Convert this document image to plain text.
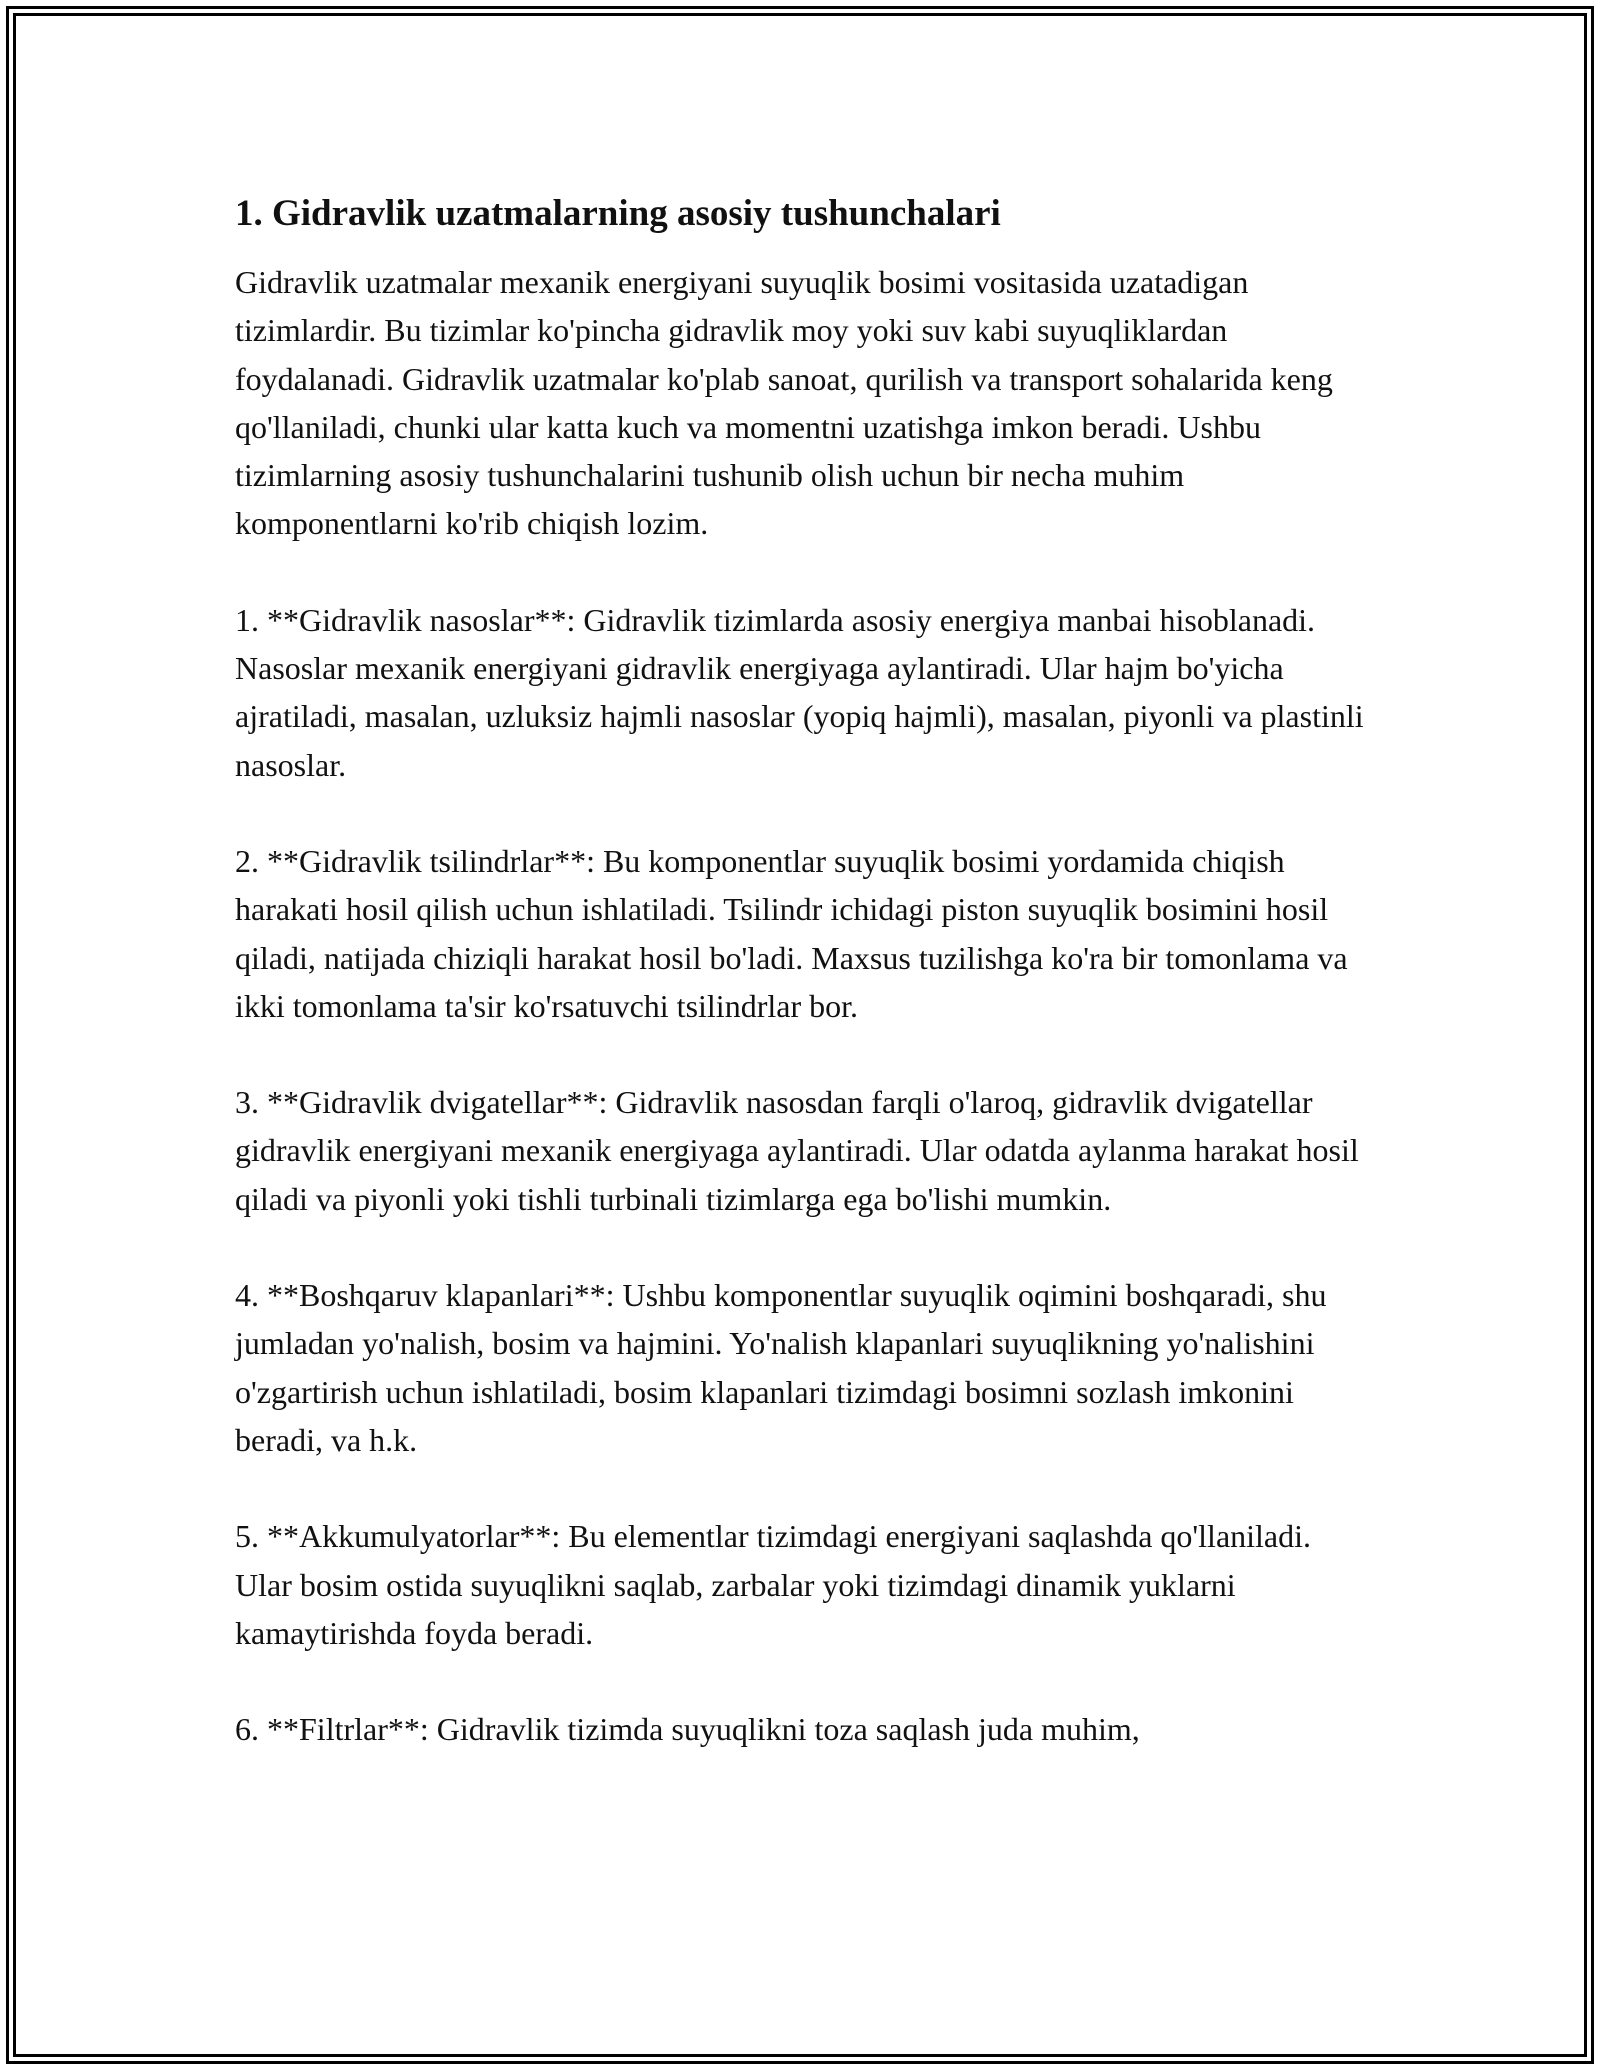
1. Gidravlik uzatmalarning asosiy tushunchalari

Gidravlik uzatmalar mexanik energiyani suyuqlik bosimi vositasida uzatadigan tizimlardir. Bu tizimlar ko'pincha gidravlik moy yoki suv kabi suyuqliklardan foydalanadi. Gidravlik uzatmalar ko'plab sanoat, qurilish va transport sohalarida keng qo'llaniladi, chunki ular katta kuch va momentni uzatishga imkon beradi. Ushbu tizimlarning asosiy tushunchalarini tushunib olish uchun bir necha muhim komponentlarni ko'rib chiqish lozim.

1. **Gidravlik nasoslar**: Gidravlik tizimlarda asosiy energiya manbai hisoblanadi. Nasoslar mexanik energiyani gidravlik energiyaga aylantiradi. Ular hajm bo'yicha ajratiladi, masalan, uzluksiz hajmli nasoslar (yopiq hajmli), masalan, piyonli va plastinli nasoslar.

2. **Gidravlik tsilindrlar**: Bu komponentlar suyuqlik bosimi yordamida chiqish harakati hosil qilish uchun ishlatiladi. Tsilindr ichidagi piston suyuqlik bosimini hosil qiladi, natijada chiziqli harakat hosil bo'ladi. Maxsus tuzilishga ko'ra bir tomonlama va ikki tomonlama ta'sir ko'rsatuvchi tsilindrlar bor.

3. **Gidravlik dvigatellar**: Gidravlik nasosdan farqli o'laroq, gidravlik dvigatellar gidravlik energiyani mexanik energiyaga aylantiradi. Ular odatda aylanma harakat hosil qiladi va piyonli yoki tishli turbinali tizimlarga ega bo'lishi mumkin.

4. **Boshqaruv klapanlari**: Ushbu komponentlar suyuqlik oqimini boshqaradi, shu jumladan yo'nalish, bosim va hajmini. Yo'nalish klapanlari suyuqlikning yo'nalishini o'zgartirish uchun ishlatiladi, bosim klapanlari tizimdagi bosimni sozlash imkonini beradi, va h.k.

5. **Akkumulyatorlar**: Bu elementlar tizimdagi energiyani saqlashda qo'llaniladi. Ular bosim ostida suyuqlikni saqlab, zarbalar yoki tizimdagi dinamik yuklarni kamaytirishda foyda beradi.

6. **Filtrlar**: Gidravlik tizimda suyuqlikni toza saqlash juda muhim,
